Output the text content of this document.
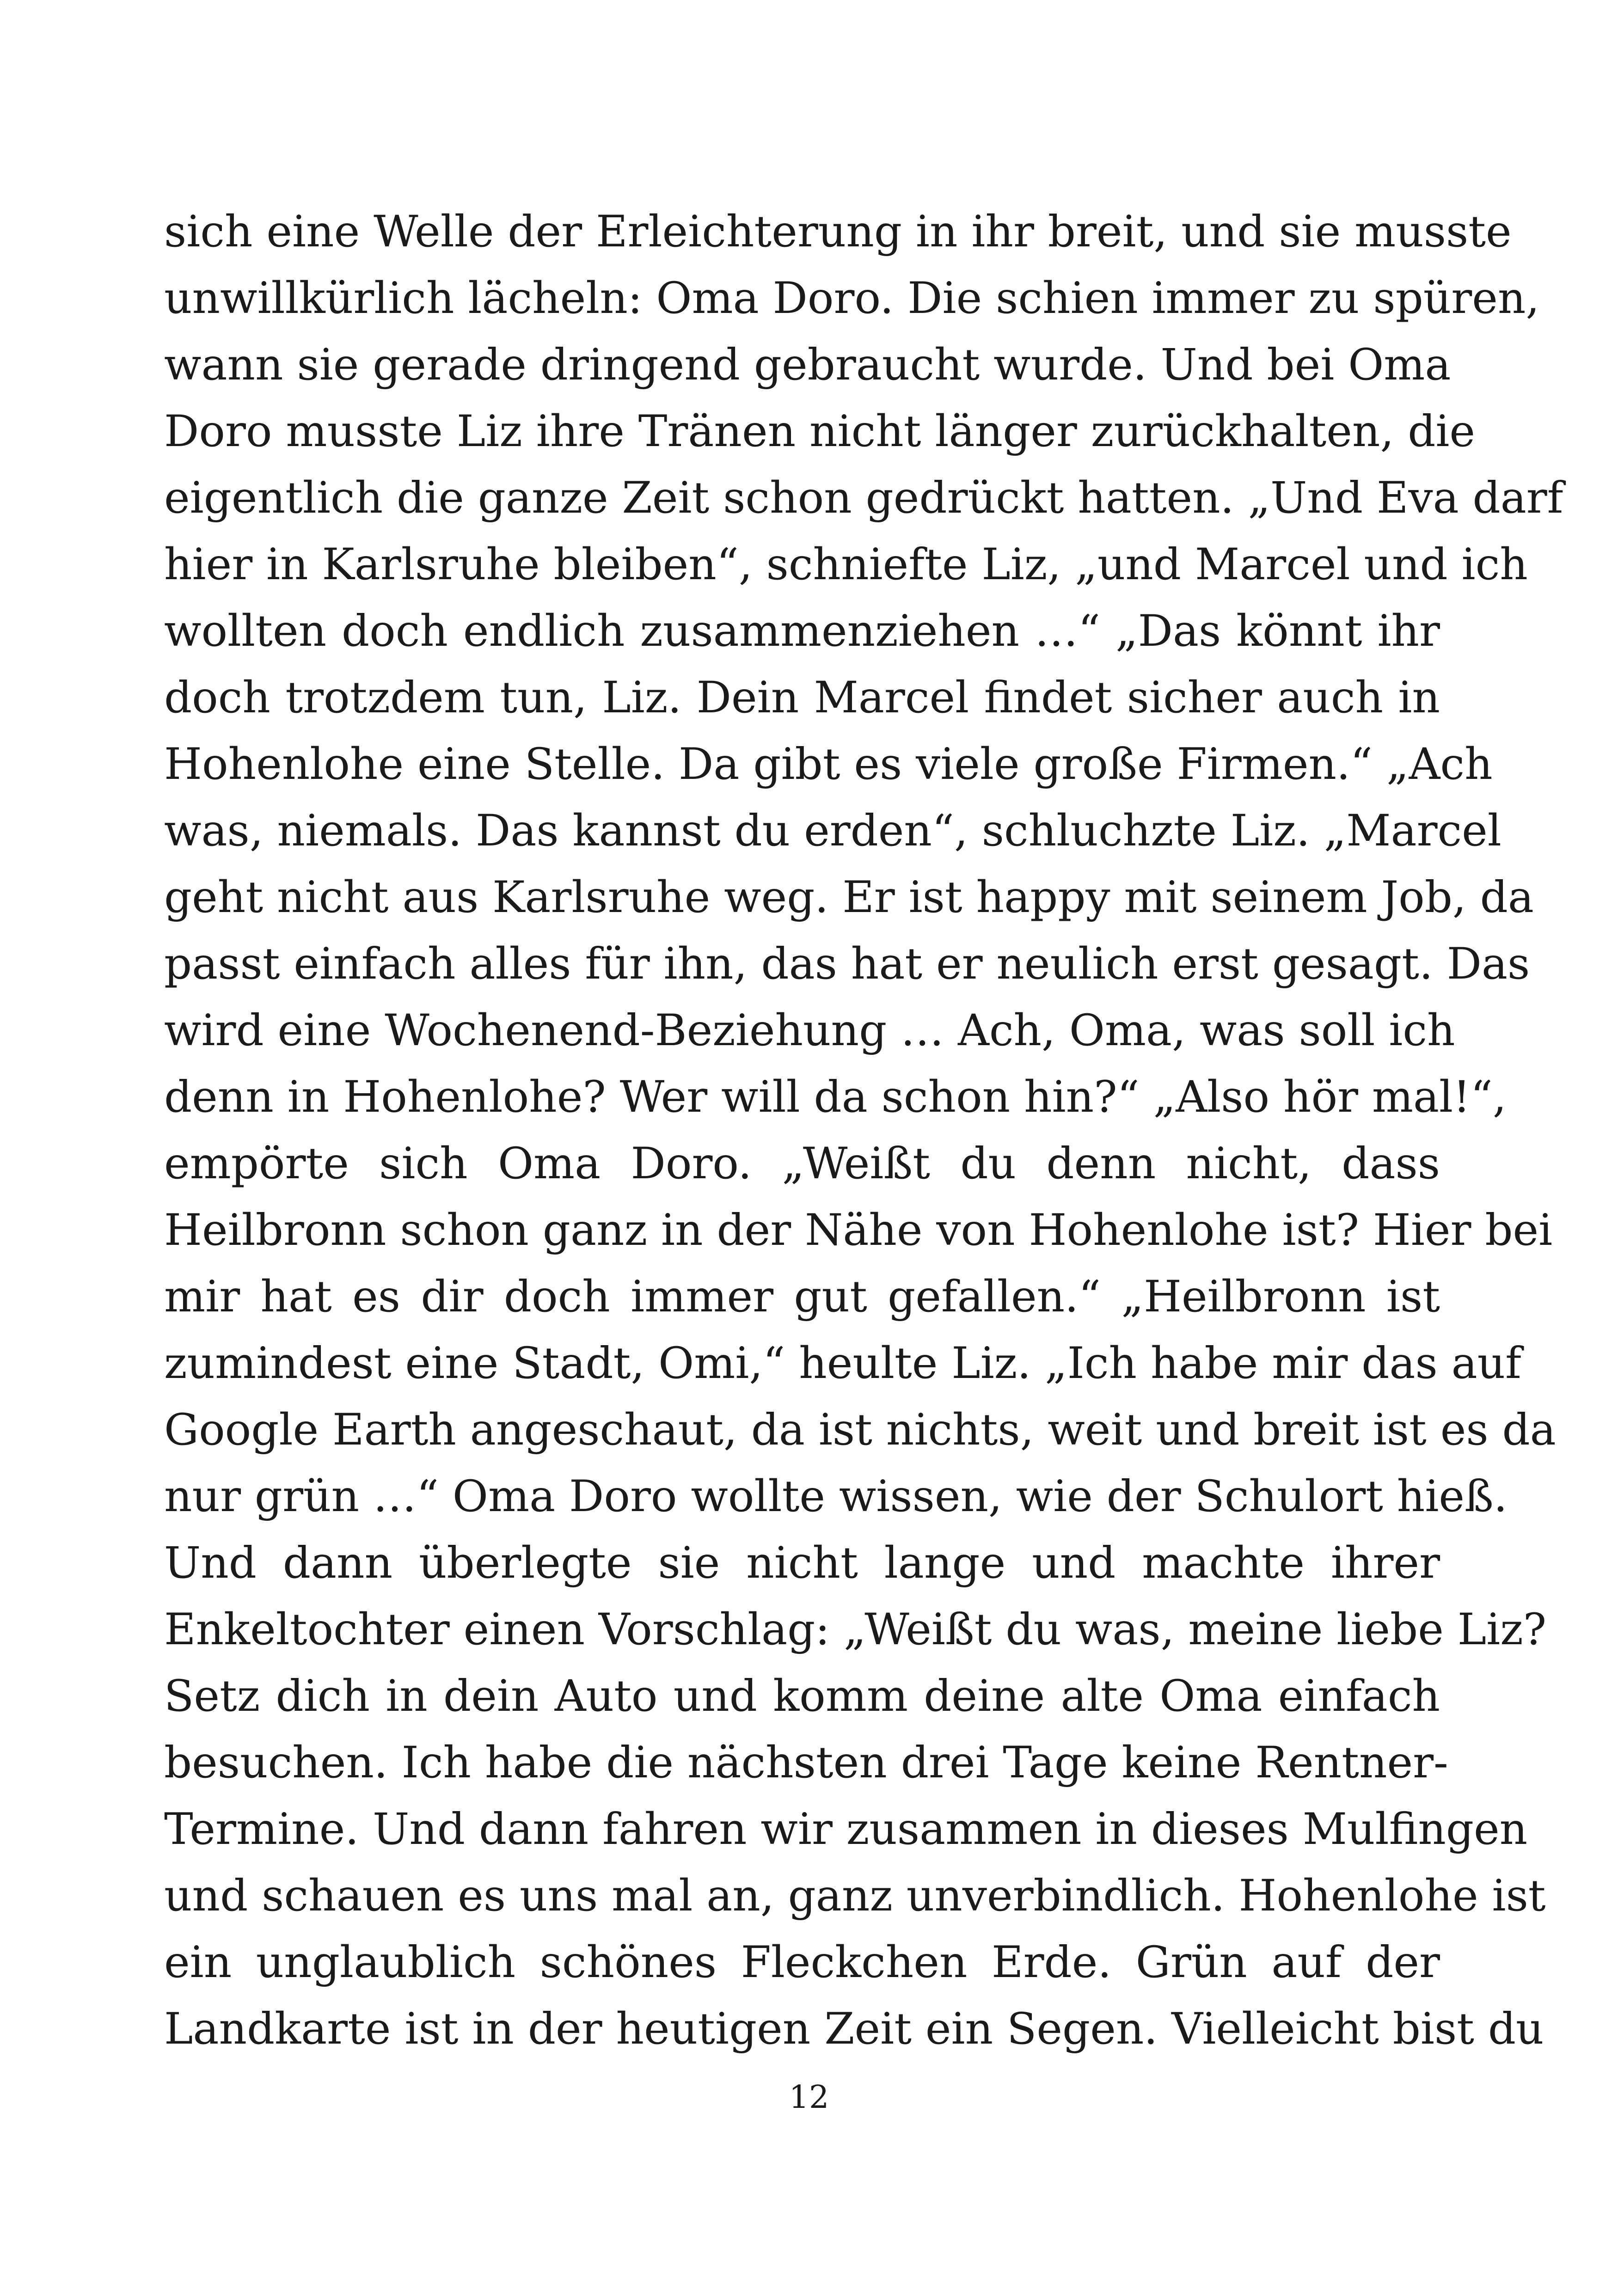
sich eine Welle der Erleichterung in ihr breit, und sie musste
unwillkürlich lächeln: Oma Doro. Die schien immer zu spüren,
wann sie gerade dringend gebraucht wurde. Und bei Oma
Doro musste Liz ihre Tränen nicht länger zurückhalten, die
eigentlich die ganze Zeit schon gedrückt hatten. „Und Eva darf
hier in Karlsruhe bleiben“, schniefte Liz, „und Marcel und ich
wollten doch endlich zusammenziehen …“ „Das könnt ihr
doch trotzdem tun, Liz. Dein Marcel findet sicher auch in
Hohenlohe eine Stelle. Da gibt es viele große Firmen.“ „Ach
was, niemals. Das kannst du erden“, schluchzte Liz. „Marcel
geht nicht aus Karlsruhe weg. Er ist happy mit seinem Job, da
passt einfach alles für ihn, das hat er neulich erst gesagt. Das
wird eine Wochenend-Beziehung … Ach, Oma, was soll ich
denn in Hohenlohe? Wer will da schon hin?“ „Also hör mal!“,
empörte sich Oma Doro. „Weißt du denn nicht, dass
Heilbronn schon ganz in der Nähe von Hohenlohe ist? Hier bei
mir hat es dir doch immer gut gefallen.“ „Heilbronn ist
zumindest eine Stadt, Omi,“ heulte Liz. „Ich habe mir das auf
Google Earth angeschaut, da ist nichts, weit und breit ist es da
nur grün …“ Oma Doro wollte wissen, wie der Schulort hieß.
Und dann überlegte sie nicht lange und machte ihrer
Enkeltochter einen Vorschlag: „Weißt du was, meine liebe Liz?
Setz dich in dein Auto und komm deine alte Oma einfach
besuchen. Ich habe die nächsten drei Tage keine Rentner-
Termine. Und dann fahren wir zusammen in dieses Mulfingen
und schauen es uns mal an, ganz unverbindlich. Hohenlohe ist
ein unglaublich schönes Fleckchen Erde. Grün auf der
Landkarte ist in der heutigen Zeit ein Segen. Vielleicht bist du
12
